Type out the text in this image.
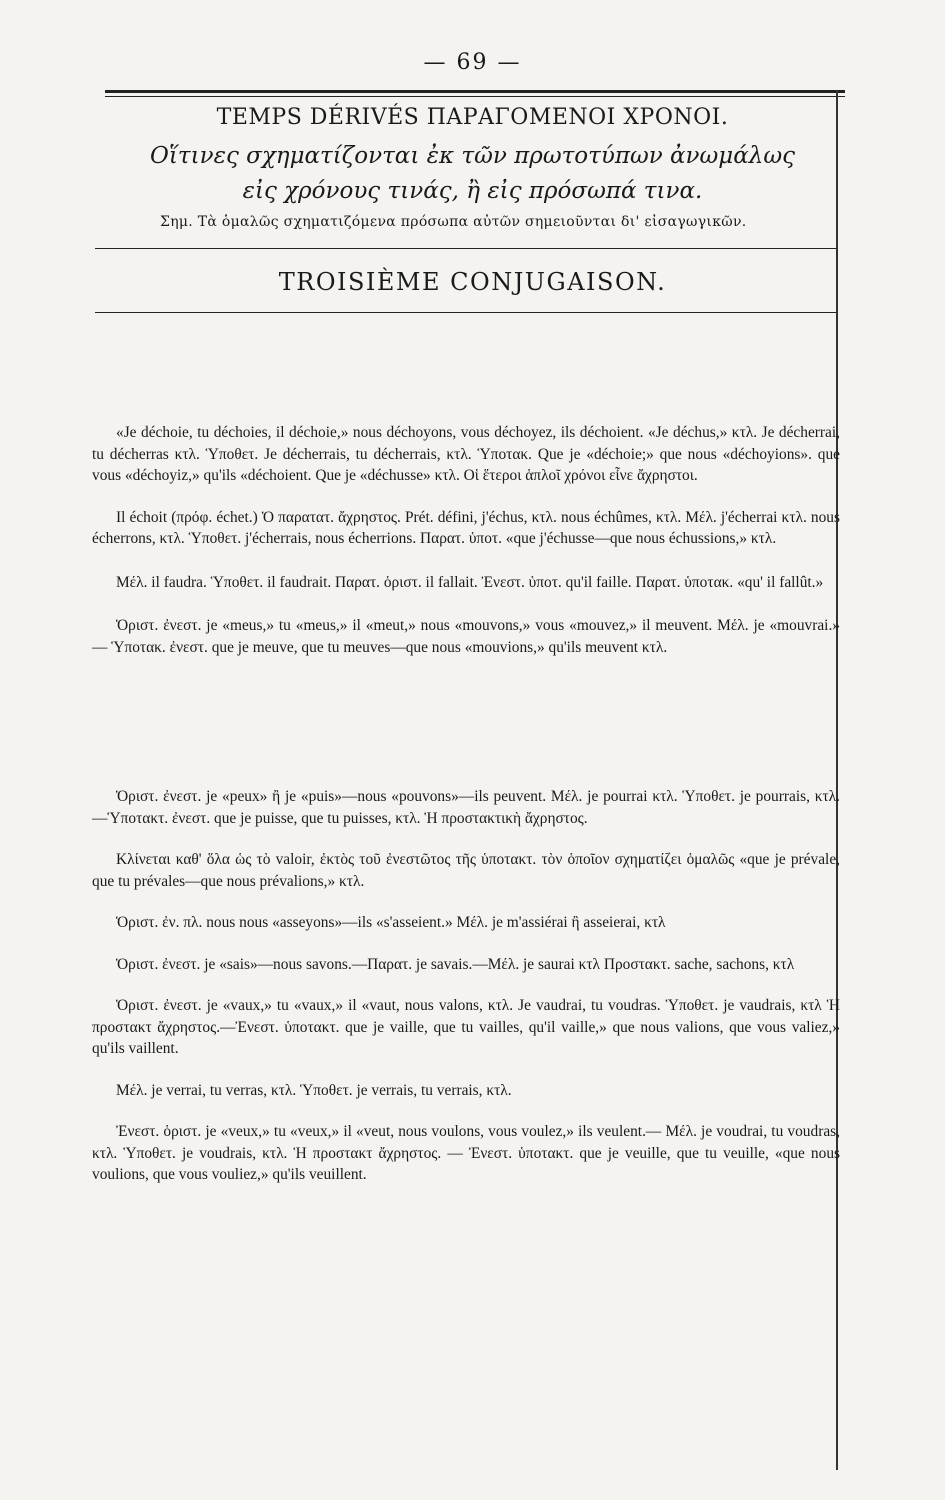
— 69 —
TEMPS DÉRIVÉS ΠΑΡΑΓΟΜΕΝΟΙ ΧΡΟΝΟΙ.
Οἵτινες σχηματίζονται ἐκ τῶν πρωτοτύπων ἀνωμάλως
εἰς χρόνους τινάς, ἢ εἰς πρόσωπά τινα.
Σημ. Τὰ ὁμαλῶς σχηματιζόμενα πρόσωπα αὐτῶν σημειοῦνται δι' εἰσαγωγικῶν.
TROISIÈME CONJUGAISON.

«Je déchoie, tu déchoies, il déchoie,» nous déchoyons, vous déchoyez, ils déchoient. «Je déchus,» κτλ. Je décherrai, tu décherras κτλ. Ὑποθετ. Je décherrais, tu décherrais, κτλ. Ὑποτακ. Que je «déchoie;» que nous «déchoyions». que vous «déchoyiz,» qu'ils «déchoient. Que je «déchusse» κτλ. Οἱ ἕτεροι ἁπλοῖ χρόνοι εἶνε ἄχρηστοι.

Il échoit (πρόφ. échet.) Ὁ παρατατ. ἄχρηστος. Prét. défini, j'échus, κτλ. nous échûmes, κτλ. Μέλ. j'écherrai κτλ. nous écherrons, κτλ. Ὑποθετ. j'écherrais, nous écherrions. Παρατ. ὑποτ. «que j'échusse—que nous échussions,» κτλ.

Μέλ. il faudra. Ὑποθετ. il faudrait. Παρατ. ὁριστ. il fallait. Ἐνεστ. ὑποτ. qu'il faille. Παρατ. ὑποτακ. «qu' il fallût.»

Ὁριστ. ἐνεστ. je «meus,» tu «meus,» il «meut,» nous «mouvons,» vous «mouvez,» il meuvent. Μέλ. je «mouvrai.» — Ὑποτακ. ἐνεστ. que je meuve, que tu meuves—que nous «mouvions,» qu'ils meuvent κτλ.

Ὁριστ. ἐνεστ. je «peux» ἢ je «puis»—nous «pouvons»—ils peuvent. Μέλ. je pourrai κτλ. Ὑποθετ. je pourrais, κτλ.—Ὑποτακτ. ἐνεστ. que je puisse, que tu puisses, κτλ. Ἡ προστακτικὴ ἄχρηστος.

Κλίνεται καθ' ὅλα ὡς τὸ valoir, ἐκτὸς τοῦ ἐνεστῶτος τῆς ὑποτακτ. τὸν ὁποῖον σχηματίζει ὁμαλῶς «que je prévale, que tu prévales—que nous prévalions,» κτλ.

Ὁριστ. ἐν. πλ. nous nous «asseyons»—ils «s'asseient.» Μέλ. je m'assiérai ἢ asseierai, κτλ

Ὁριστ. ἐνεστ. je «sais»—nous savons.—Παρατ. je savais.—Μέλ. je saurai κτλ Προστακτ. sache, sachons, κτλ

Ὁριστ. ἐνεστ. je «vaux,» tu «vaux,» il «vaut, nous valons, κτλ. Je vaudrai, tu voudras. Ὑποθετ. je vaudrais, κτλ Ἡ προστακτ ἄχρηστος.—Ἐνεστ. ὑποτακτ. que je vaille, que tu vailles, qu'il vaille,» que nous valions, que vous valiez,» qu'ils vaillent.

Μέλ. je verrai, tu verras, κτλ. Ὑποθετ. je verrais, tu verrais, κτλ.

Ἐνεστ. ὁριστ. je «veux,» tu «veux,» il «veut, nous voulons, vous voulez,» ils veulent.— Μέλ. je voudrai, tu voudras, κτλ. Ὑποθετ. je voudrais, κτλ. Ἡ προστακτ ἄχρηστος. — Ἐνεστ. ὑποτακτ. que je veuille, que tu veuille, «que nous voulions, que vous vouliez,» qu'ils veuillent.
